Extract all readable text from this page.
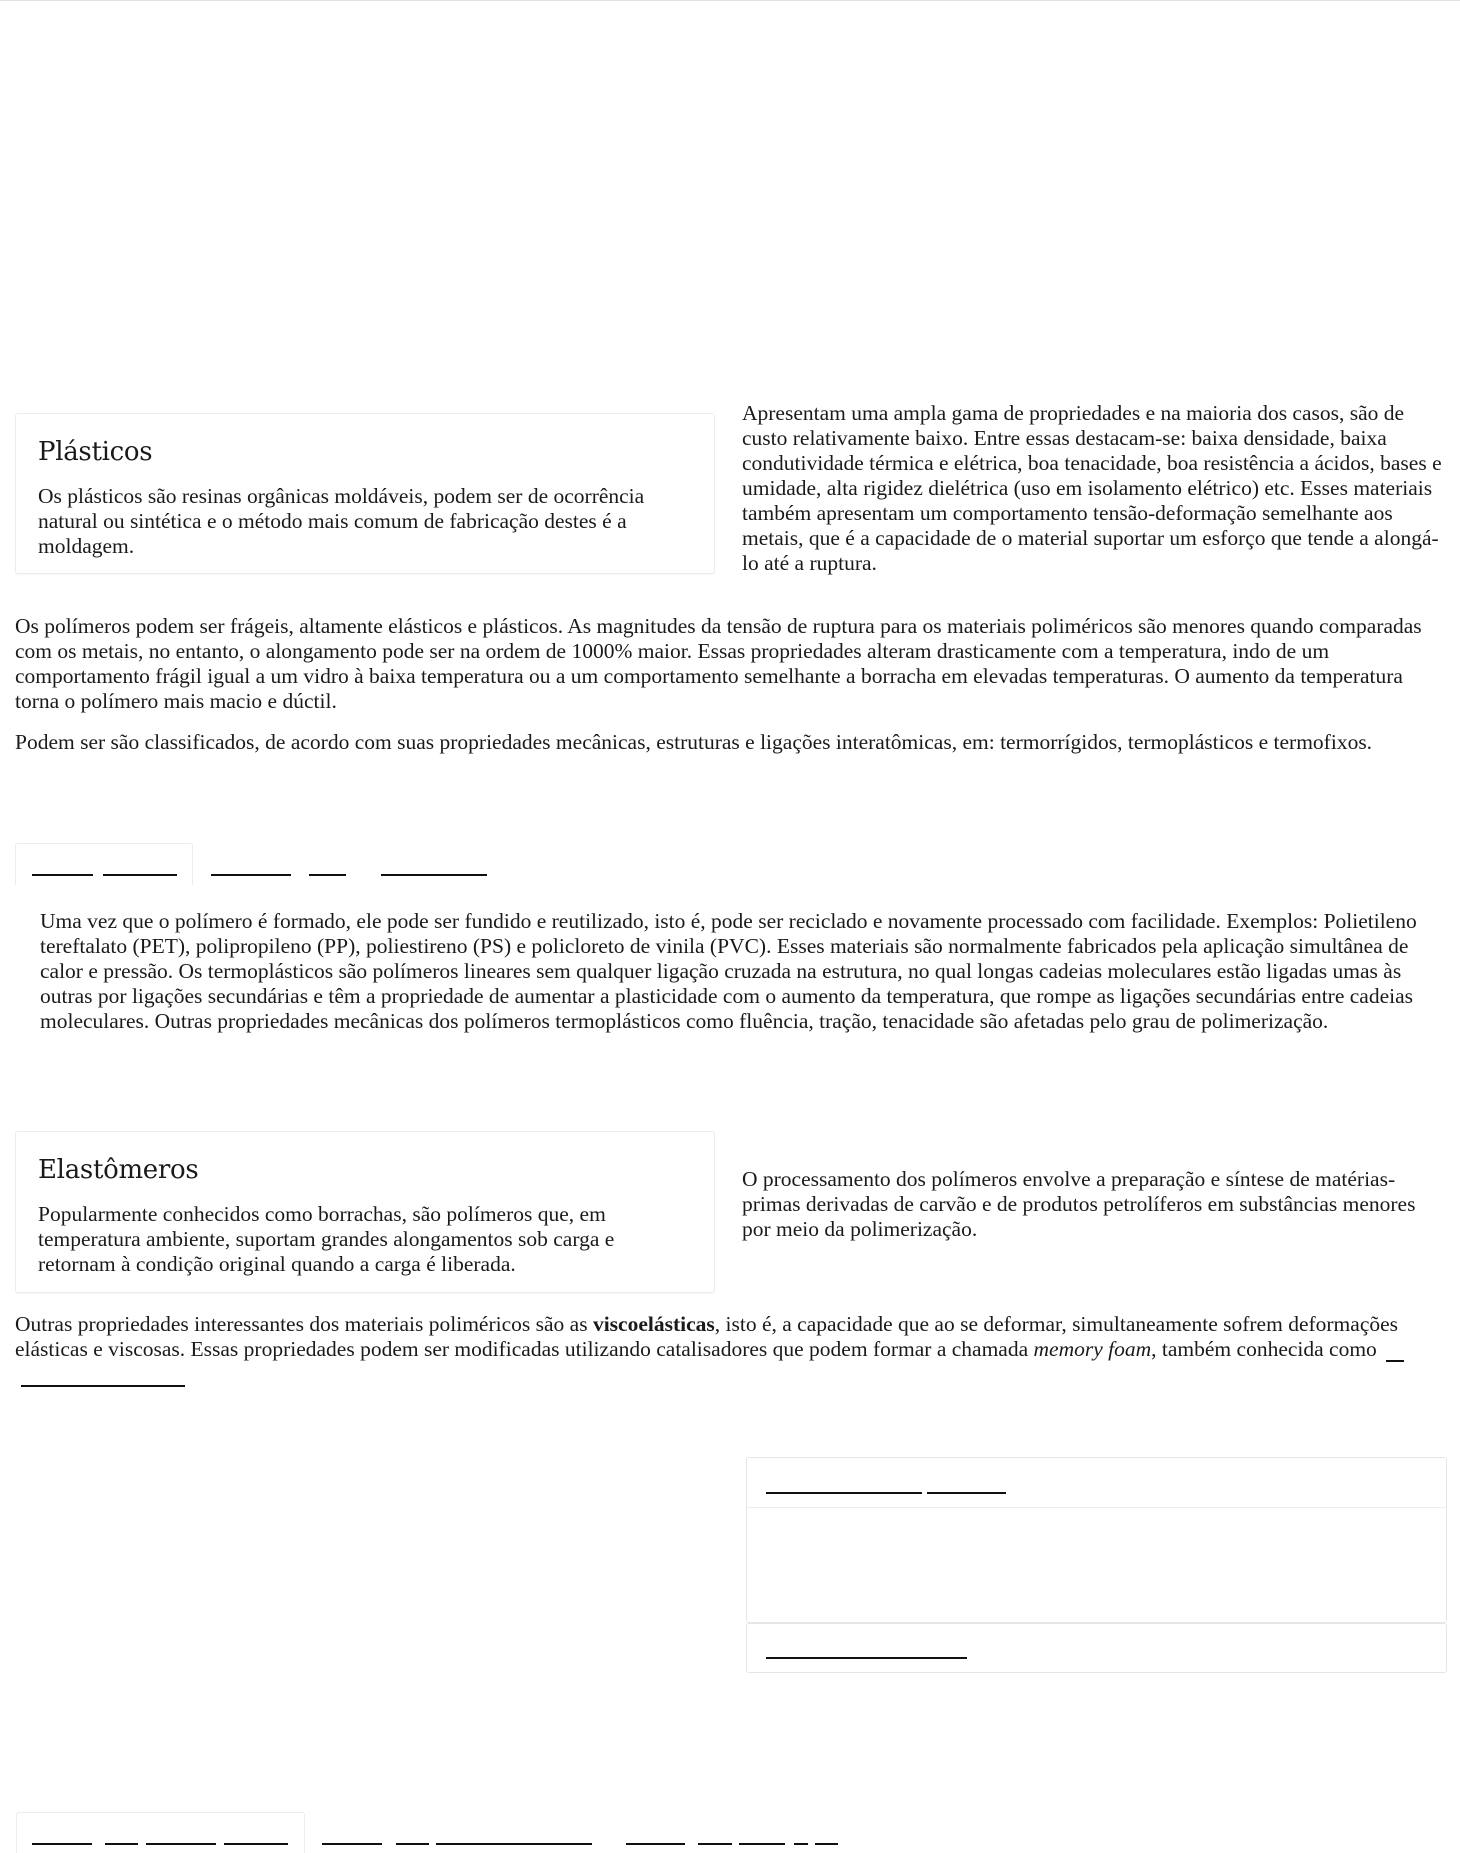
Plásticos

Os plásticos são resinas orgânicas moldáveis, podem ser de ocorrência natural ou sintética e o método mais comum de fabricação destes é a moldagem.

Apresentam uma ampla gama de propriedades e na maioria dos casos, são de custo relativamente baixo. Entre essas destacam-se: baixa densidade, baixa condutividade térmica e elétrica, boa tenacidade, boa resistência a ácidos, bases e umidade, alta rigidez dielétrica (uso em isolamento elétrico) etc. Esses materiais também apresentam um comportamento tensão-deformação semelhante aos metais, que é a capacidade de o material suportar um esforço que tende a alongá-lo até a ruptura.

Os polímeros podem ser frágeis, altamente elásticos e plásticos. As magnitudes da tensão de ruptura para os materiais poliméricos são menores quando comparadas com os metais, no entanto, o alongamento pode ser na ordem de 1000% maior. Essas propriedades alteram drasticamente com a temperatura, indo de um comportamento frágil igual a um vidro à baixa temperatura ou a um comportamento semelhante a borracha em elevadas temperaturas. O aumento da temperatura torna o polímero mais macio e dúctil.

Podem ser são classificados, de acordo com suas propriedades mecânicas, estruturas e ligações interatômicas, em: termorrígidos, termoplásticos e termofixos.

Uma vez que o polímero é formado, ele pode ser fundido e reutilizado, isto é, pode ser reciclado e novamente processado com facilidade. Exemplos: Polietileno tereftalato (PET), polipropileno (PP), poliestireno (PS) e policloreto de vinila (PVC). Esses materiais são normalmente fabricados pela aplicação simultânea de calor e pressão. Os termoplásticos são polímeros lineares sem qualquer ligação cruzada na estrutura, no qual longas cadeias moleculares estão ligadas umas às outras por ligações secundárias e têm a propriedade de aumentar a plasticidade com o aumento da temperatura, que rompe as ligações secundárias entre cadeias moleculares. Outras propriedades mecânicas dos polímeros termoplásticos como fluência, tração, tenacidade são afetadas pelo grau de polimerização.

Elastômeros

Popularmente conhecidos como borrachas, são polímeros que, em temperatura ambiente, suportam grandes alongamentos sob carga e retornam à condição original quando a carga é liberada.

O processamento dos polímeros envolve a preparação e síntese de matérias-primas derivadas de carvão e de produtos petrolíferos em substâncias menores por meio da polimerização.

Outras propriedades interessantes dos materiais poliméricos são as viscoelásticas, isto é, a capacidade que ao se deformar, simultaneamente sofrem deformações elásticas e viscosas. Essas propriedades podem ser modificadas utilizando catalisadores que podem formar a chamada memory foam, também conhecida como
